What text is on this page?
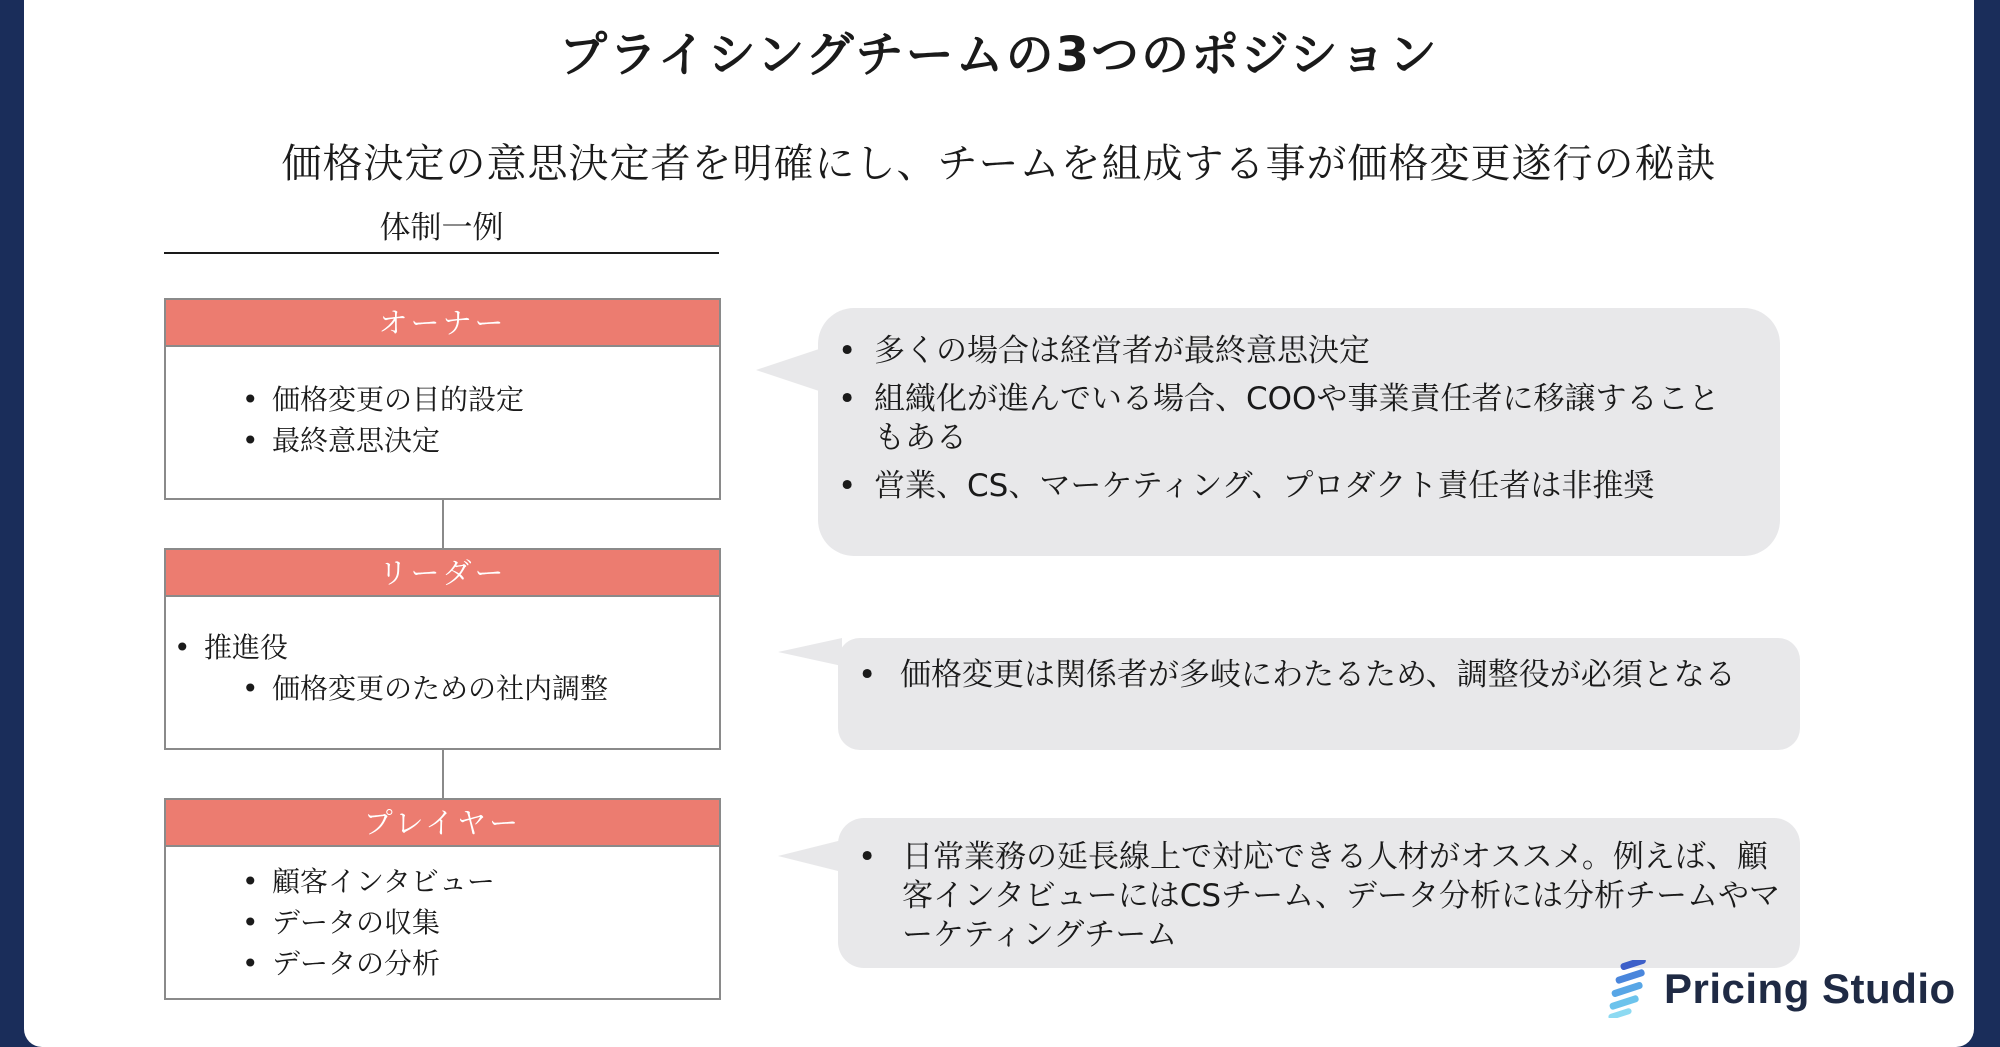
プライシングチームの3つのポジション
価格決定の意思決定者を明確にし、チームを組成する事が価格変更遂行の秘訣
体制一例
オーナー
• 価格変更の目的設定
• 最終意思決定
リーダー
• 推進役
• 価格変更のための社内調整
プレイヤー
• 顧客インタビュー
• データの収集
• データの分析
• 多くの場合は経営者が最終意思決定
• 組織化が進んでいる場合、COOや事業責任者に移譲することもある
• 営業、CS、マーケティング、プロダクト責任者は非推奨
• 価格変更は関係者が多岐にわたるため、調整役が必須となる
• 日常業務の延長線上で対応できる人材がオススメ。例えば、顧客インタビューにはCSチーム、データ分析には分析チームやマーケティングチーム
Pricing Studio
